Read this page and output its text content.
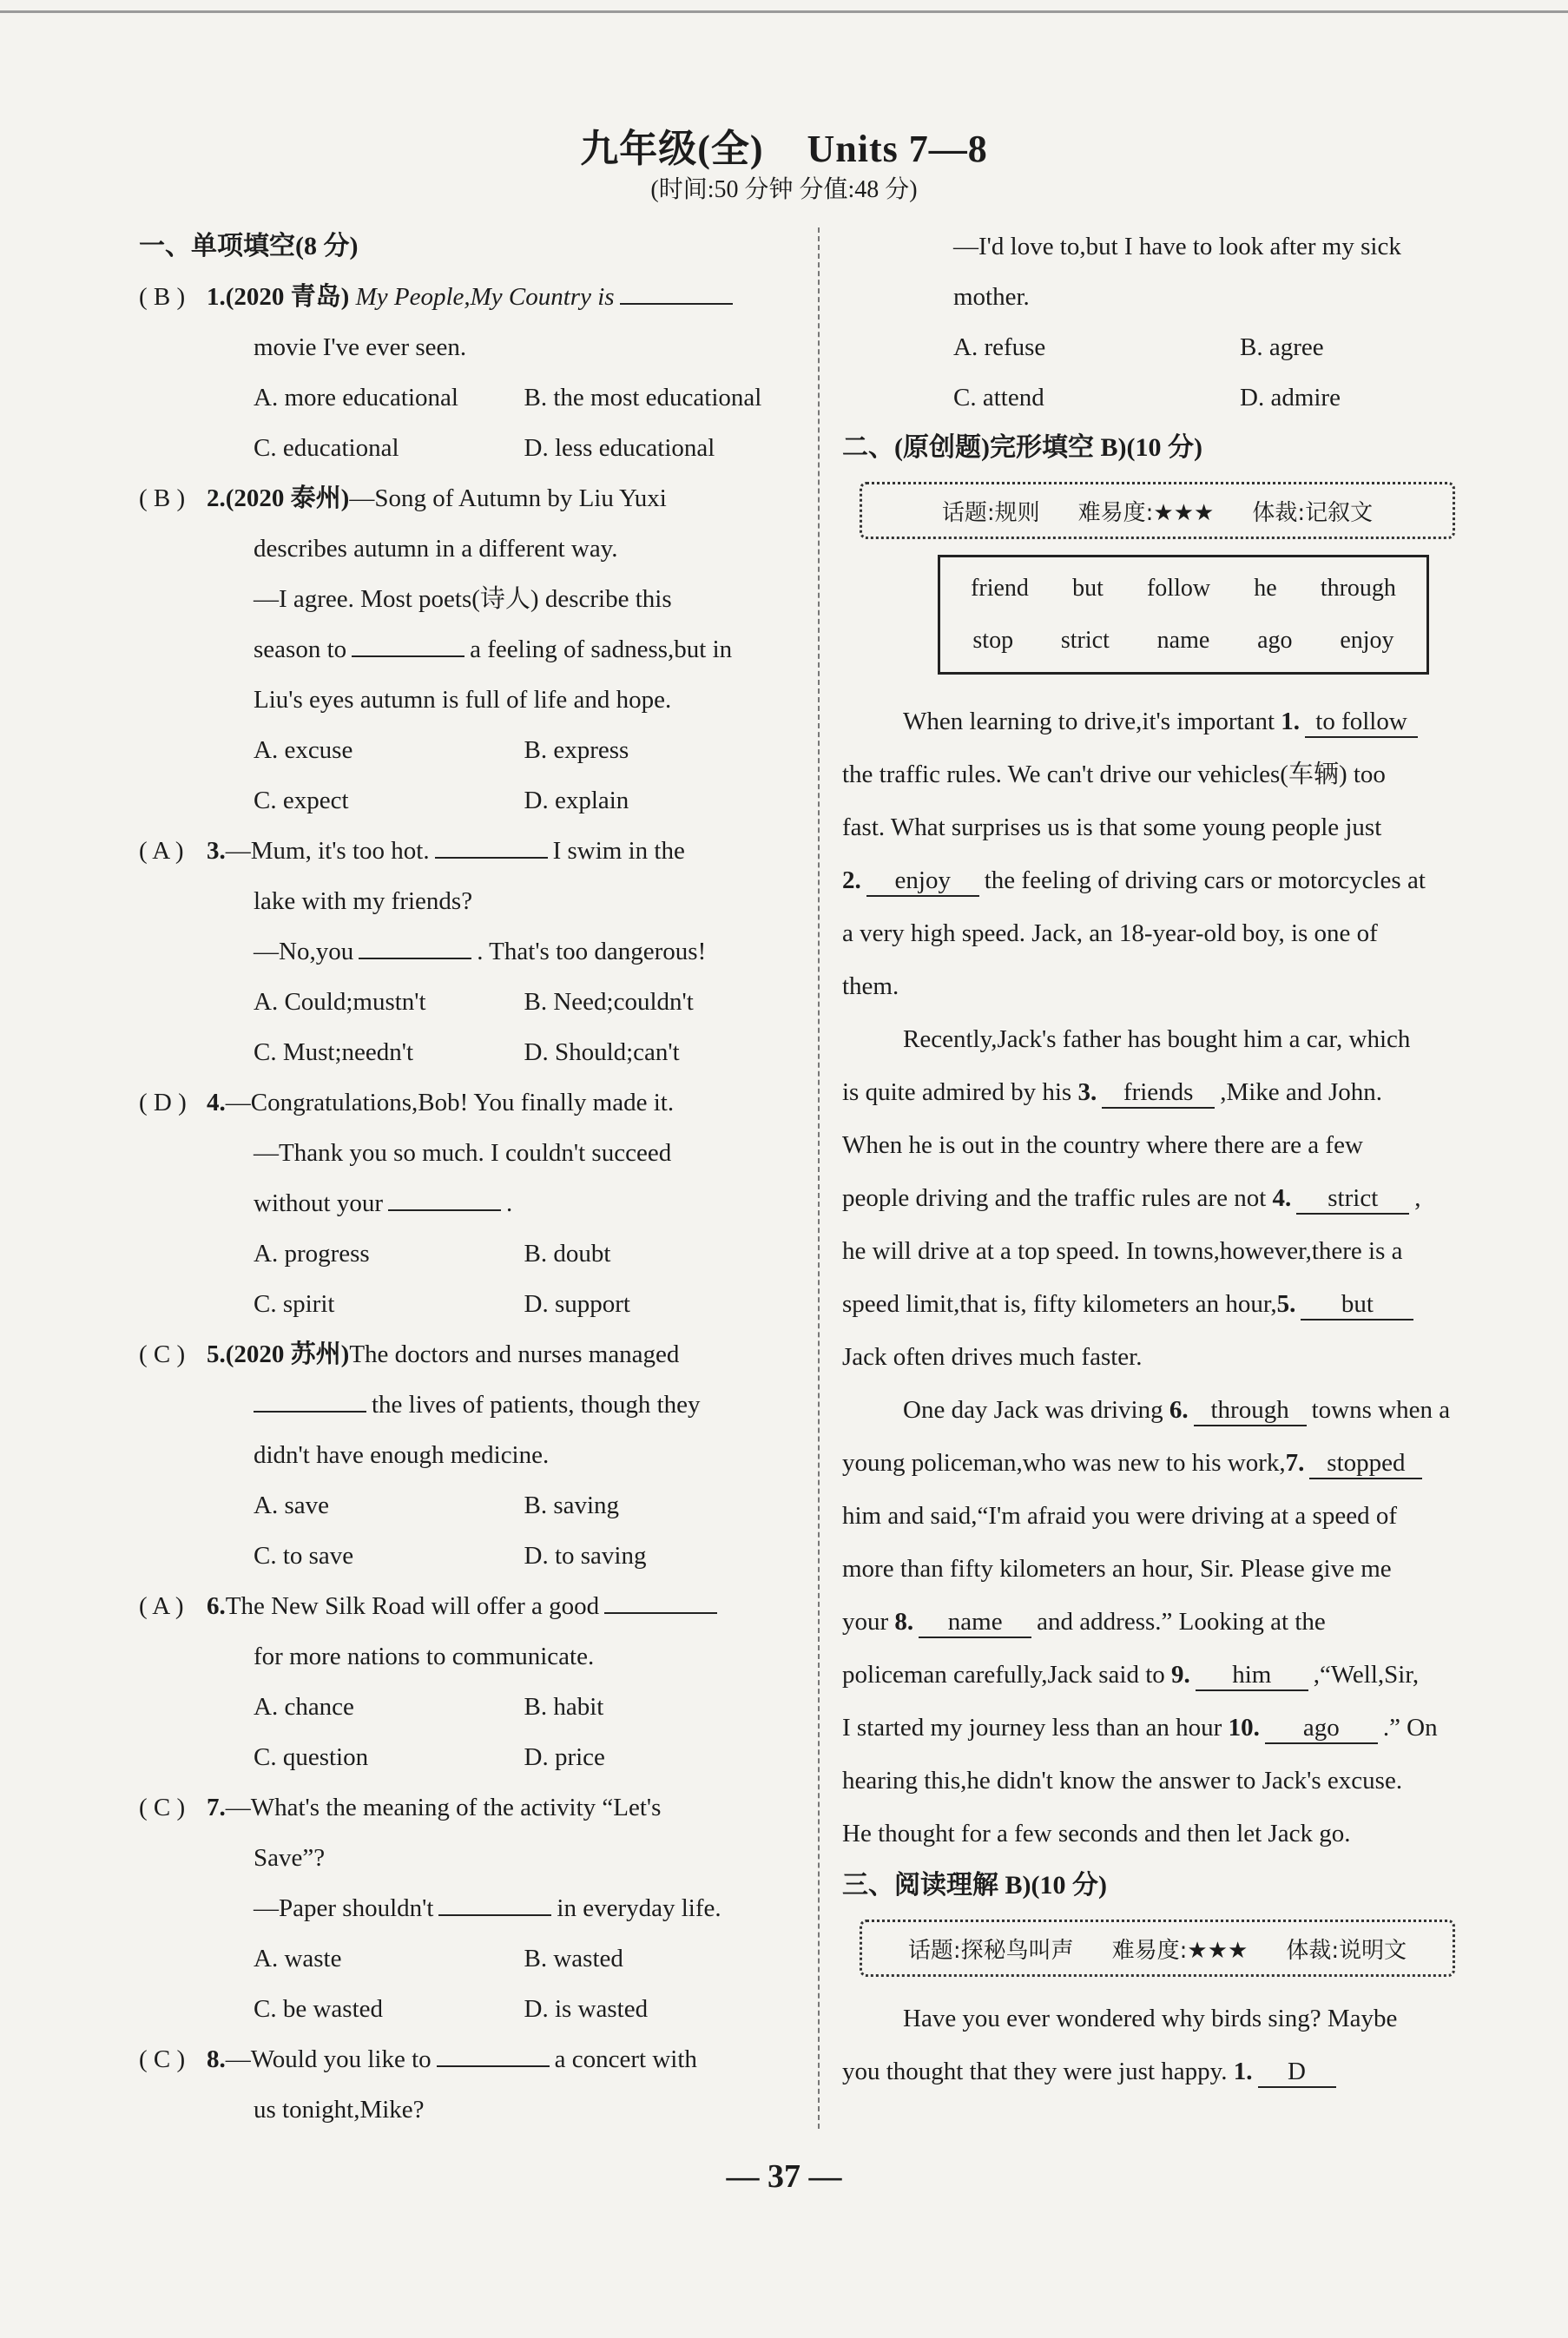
九年级(全) Units 7—8
(时间:50 分钟 分值:48 分)
一、单项填空(8 分)
( B ) 1.(2020 青岛) My People,My Country is
movie I've ever seen.
A. more educational	B. the most educational
C. educational	D. less educational
( B ) 2.(2020 泰州)—Song of Autumn by Liu Yuxi
describes autumn in a different way.
—I agree. Most poets(诗人) describe this
season to	a feeling of sadness,but in
Liu's eyes autumn is full of life and hope.
A. excuse	B. express
C. expect	D. explain
( A ) 3.—Mum, it's too hot.	I swim in the
lake with my friends?
—No,you	. That's too dangerous!
A. Could;mustn't	B. Need;couldn't
C. Must;needn't	D. Should;can't
( D ) 4.—Congratulations,Bob! You finally made it.
—Thank you so much. I couldn't succeed
without your	.
A. progress	B. doubt
C. spirit	D. support
( C ) 5.(2020 苏州)The doctors and nurses managed
the lives of patients, though they
didn't have enough medicine.
A. save	B. saving
C. to save	D. to saving
( A ) 6.The New Silk Road will offer a good
for more nations to communicate.
A. chance	B. habit
C. question	D. price
( C ) 7.—What's the meaning of the activity “Let's
Save”?
—Paper shouldn't	in everyday life.
A. waste	B. wasted
C. be wasted	D. is wasted
( C ) 8.—Would you like to	a concert with
us tonight,Mike?
—I'd love to,but I have to look after my sick
mother.
A. refuse	B. agree
C. attend	D. admire
二、(原创题)完形填空 B)(10 分)
话题:规则 难易度:★★★ 体裁:记叙文
friend but follow he through
stop strict name ago enjoy

When learning to drive,it's important 1. to follow

the traffic rules. We can't drive our vehicles(车辆) too

fast. What surprises us is that some young people just

2. enjoy the feeling of driving cars or motorcycles at

a very high speed. Jack, an 18-year-old boy, is one of

them.

Recently,Jack's father has bought him a car, which

is quite admired by his 3. friends ,Mike and John.

When he is out in the country where there are a few

people driving and the traffic rules are not 4. strict ,

he will drive at a top speed. In towns,however,there is a

speed limit,that is, fifty kilometers an hour,5. but

Jack often drives much faster.

One day Jack was driving 6. through towns when a

young policeman,who was new to his work,7. stopped

him and said,“I'm afraid you were driving at a speed of

more than fifty kilometers an hour, Sir. Please give me

your 8. name and address.” Looking at the

policeman carefully,Jack said to 9. him ,“Well,Sir,

I started my journey less than an hour 10. ago .” On

hearing this,he didn't know the answer to Jack's excuse.

He thought for a few seconds and then let Jack go.

三、阅读理解 B)(10 分)
话题:探秘鸟叫声 难易度:★★★ 体裁:说明文

Have you ever wondered why birds sing? Maybe

you thought that they were just happy. 1. D

— 37 —
